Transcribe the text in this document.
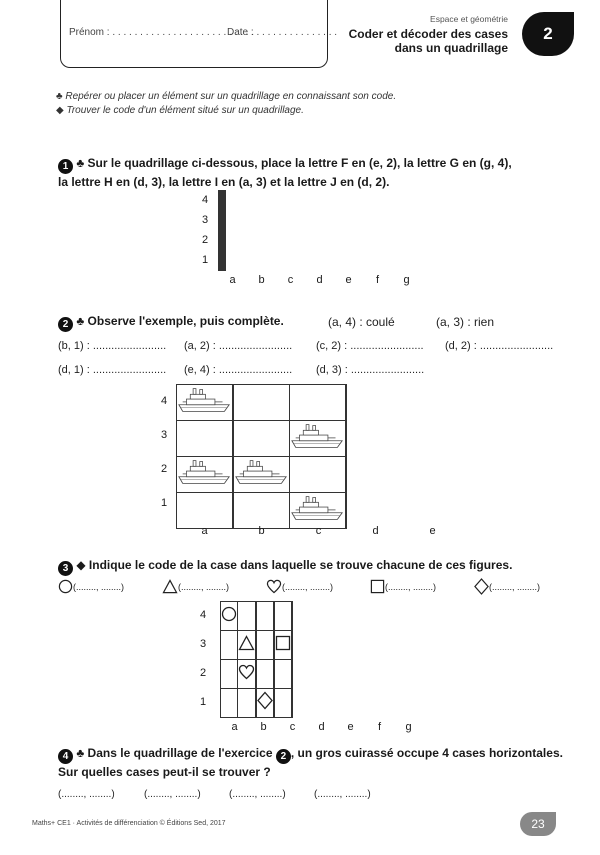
Prénom : . . . . . . . . . . . . . . . . . . . . . . . . . .
Date : . . . . . . . . . . . . . . .
Espace et géométrie
Coder et décoder des cases
dans un quadrillage
2
♣ Repérer ou placer un élément sur un quadrillage en connaissant son code.
◆ Trouver le code d'un élément situé sur un quadrillage.
1 ♣ Sur le quadrillage ci-dessous, place la lettre F en (e, 2), la lettre G en (g, 4),
la lettre H en (d, 3), la lettre I en (a, 3) et la lettre J en (d, 2).
4
3
2
1

a	b	c	d	e	f	g
2 ♣ Observe l'exemple, puis complète.	(a, 4) : coulé	(a, 3) : rien
(b, 1) : ........................ (a, 2) : ........................ (c, 2) : ........................ (d, 2) : ........................
(d, 1) : ........................ (e, 4) : ........................ (d, 3) : ........................
4
3
2
1

a	b	c	d	e
3 ◆ Indique le code de la case dans laquelle se trouve chacune de ces figures.
(........, ........)	(........, ........)	(........, ........)	(........, ........)	(........, ........)
4
3
2
1

a	b	c	d	e	f	g
4 ♣ Dans le quadrillage de l'exercice 2 , un gros cuirassé occupe 4 cases horizontales.
Sur quelles cases peut-il se trouver ?
(........, ........)	(........, ........)	(........, ........)	(........, ........)
Maths+ CE1 · Activités de différenciation © Éditions Sed, 2017	23
